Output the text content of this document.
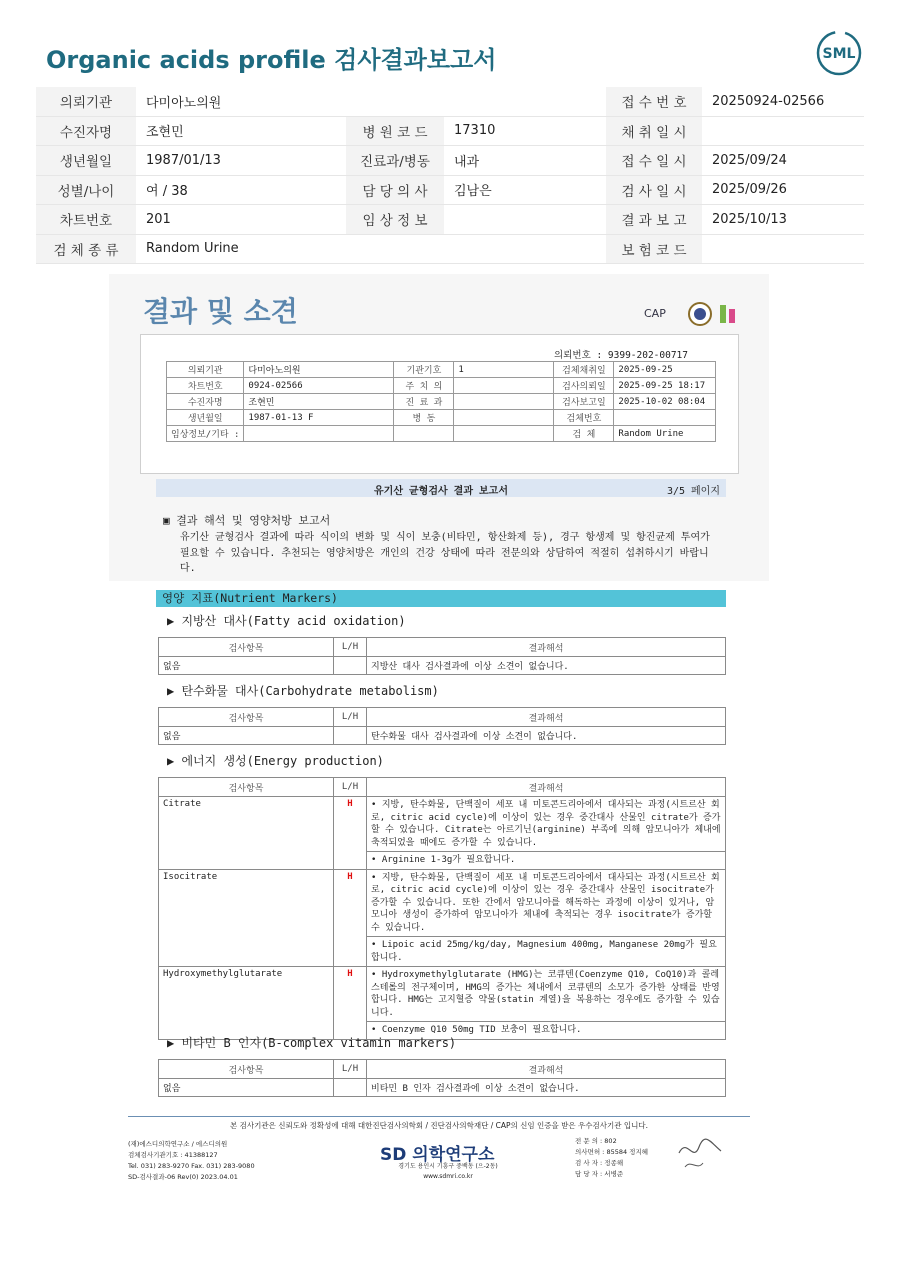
Organic acids profile 검사결과보고서	SML
의뢰기관	다미아노의원			접 수 번 호	20250924-02566
수진자명	조현민	병 원 코 드	17310	채 취 일 시	
생년월일	1987/01/13	진료과/병동	내과	접 수 일 시	2025/09/24
성별/나이	여 / 38	담 당 의 사	김남은	검 사 일 시	2025/09/26
차트번호	201	임 상 정 보		결 과 보 고	2025/10/13
검 체 종 류	Random Urine			보 험 코 드	
결과 및 소견	CAP
의뢰번호 : 9399-202-00717
의뢰기관	다미아노의원	기관기호	1	검체채취일	2025-09-25
차트번호	0924-02566	주 치 의		검사의뢰일	2025-09-25 18:17
수진자명	조현민	진 료 과		검사보고일	2025-10-02 08:04
생년월일	1987-01-13 F	병 동		검체번호	
임상정보/기타 :				검 체	Random Urine
유기산 균형검사 결과 보고서	3/5 페이지
▣ 결과 해석 및 영양처방 보고서
유기산 균형검사 결과에 따라 식이의 변화 및 식이 보충(비타민, 항산화제 등), 경구 항생제 및 항진균제 투여가 필요할 수 있습니다. 추천되는 영양처방은 개인의 건강 상태에 따라 전문의와 상담하여 적절히 섭취하시기 바랍니다.
영양 지표(Nutrient Markers)
▶ 지방산 대사(Fatty acid oxidation)
검사항목	L/H	결과해석
없음		지방산 대사 검사결과에 이상 소견이 없습니다.
▶ 탄수화물 대사(Carbohydrate metabolism)
검사항목	L/H	결과해석
없음		탄수화물 대사 검사결과에 이상 소견이 없습니다.
▶ 에너지 생성(Energy production)
검사항목	L/H	결과해석
Citrate	H	• 지방, 탄수화물, 단백질이 세포 내 미토콘드리아에서 대사되는 과정(시트르산 회로, citric acid cycle)에 이상이 있는 경우 중간대사 산물인 citrate가 증가할 수 있습니다. Citrate는 아르기닌(arginine) 부족에 의해 암모니아가 체내에 축적되었을 때에도 증가할 수 있습니다.
		• Arginine 1-3g가 필요합니다.
Isocitrate	H	• 지방, 탄수화물, 단백질이 세포 내 미토콘드리아에서 대사되는 과정(시트르산 회로, citric acid cycle)에 이상이 있는 경우 중간대사 산물인 isocitrate가 증가할 수 있습니다. 또한 간에서 암모니아를 해독하는 과정에 이상이 있거나, 암모니아 생성이 증가하여 암모니아가 체내에 축적되는 경우 isocitrate가 증가할 수 있습니다.
		• Lipoic acid 25mg/kg/day, Magnesium 400mg, Manganese 20mg가 필요합니다.
Hydroxymethylglutarate	H	• Hydroxymethylglutarate (HMG)는 코큐텐(Coenzyme Q10, CoQ10)과 콜레스테롤의 전구체이며, HMG의 증가는 체내에서 코큐텐의 소모가 증가한 상태를 반영합니다. HMG는 고지혈증 약물(statin 계열)을 복용하는 경우에도 증가할 수 있습니다.
		• Coenzyme Q10 50mg TID 보충이 필요합니다.
▶ 비타민 B 인자(B-complex vitamin markers)
검사항목	L/H	결과해석
없음		비타민 B 인자 검사결과에 이상 소견이 없습니다.
본 검사기관은 신뢰도와 정확성에 대해 대한진단검사의학회 / 진단검사의학재단 / CAP의 신임 인증을 받은 우수검사기관 입니다.
(재)에스디의학연구소 / 에스디의원
검체검사기관기호 : 41388127
Tel. 031) 283-9270 Fax. 031) 283-9080
SD-검사결과-06 Rev(0) 2023.04.01
SD 의학연구소
경기도 용인시 기흥구 중백동 (으-2동)
www.sdmri.co.kr
전 문 의 : 802
의사면허 : 85584 정지혜
검 사 자 : 정종해
담 당 자 : 서병준
